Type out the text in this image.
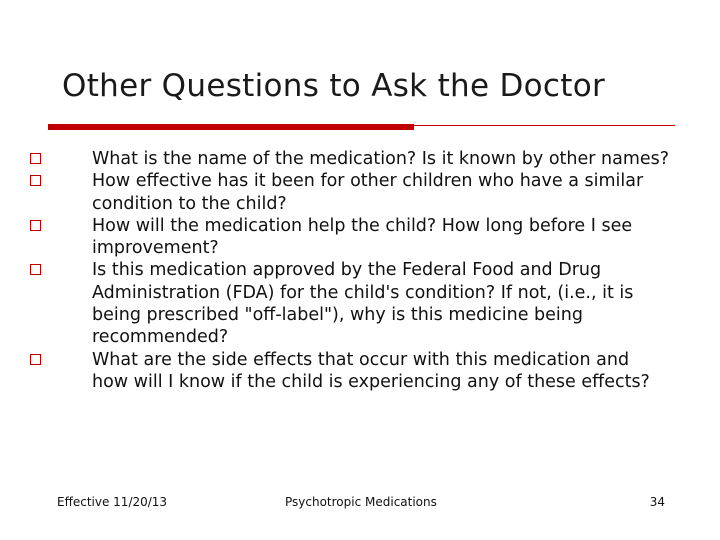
Other Questions to Ask the Doctor
What is the name of the medication? Is it known by other names?
How effective has it been for other children who have a similar condition to the child?
How will the medication help the child? How long before I see improvement?
Is this medication approved by the Federal Food and Drug Administration (FDA) for the child's condition? If not, (i.e., it is being prescribed "off-label"), why is this medicine being recommended?
What are the side effects that occur with this medication and how will I know if the child is experiencing any of these effects?
Effective 11/20/13	Psychotropic Medications	34
